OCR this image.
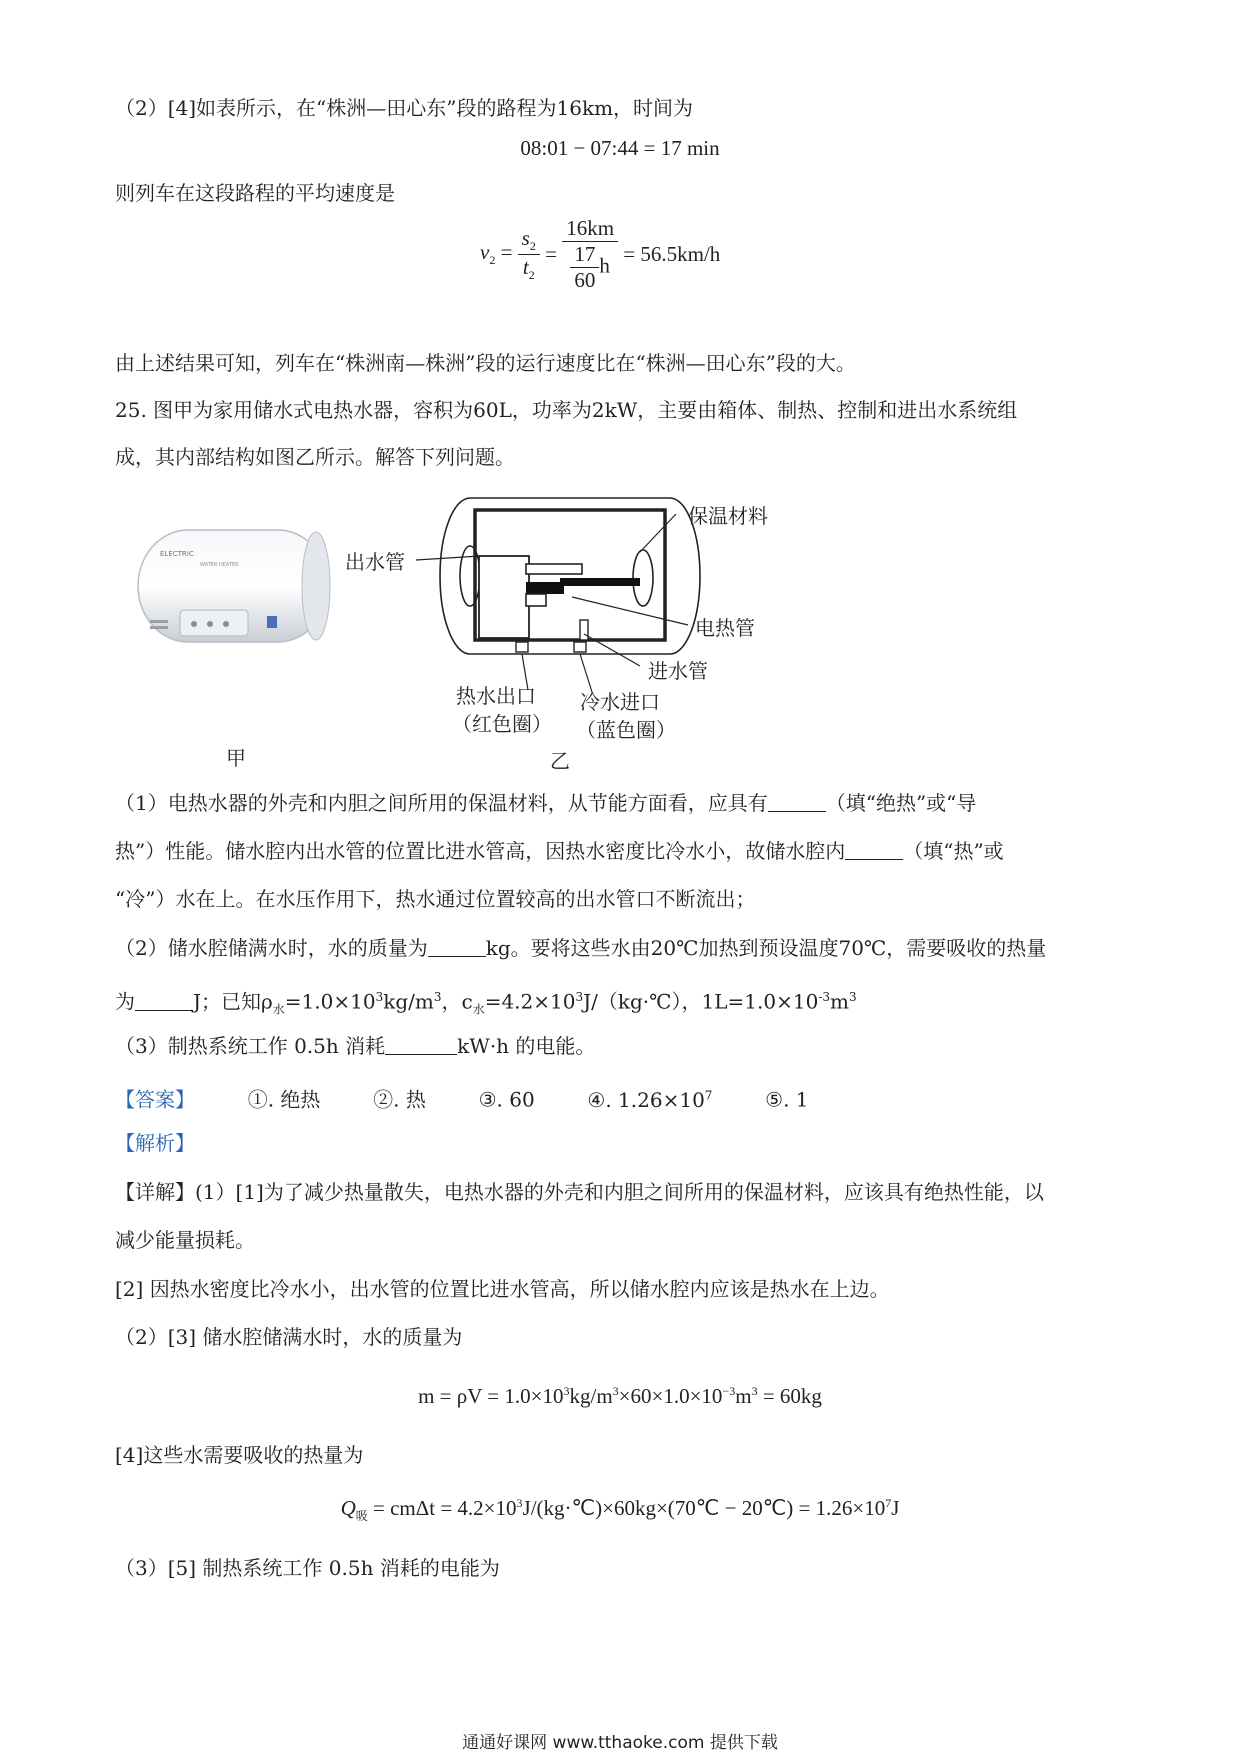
（2）[4]如表所示，在“株洲—田心东”段的路程为16km，时间为
08:01 − 07:44 = 17 min
则列车在这段路程的平均速度是
$v_2 = \frac{s_2}{t_2} = \frac{16km}{\frac{17}{60} h} = 56.5km/h$
由上述结果可知，列车在“株洲南—株洲”段的运行速度比在“株洲—田心东”段的大。
25. 图甲为家用储水式电热水器，容积为60L，功率为2kW，主要由箱体、制热、控制和进出水系统组
成，其内部结构如图乙所示。解答下列问题。
ELECTRIC
WATER HEATER	出水管
保温材料
电热管
进水管
热水出口
（红色圈）
冷水进口
（蓝色圈）
甲	乙
（1）电热水器的外壳和内胆之间所用的保温材料，从节能方面看，应具有	（填“绝热”或“导
热”）性能。储水腔内出水管的位置比进水管高，因热水密度比冷水小，故储水腔内	（填“热”或
“冷”）水在上。在水压作用下，热水通过位置较高的出水管口不断流出；
（2）储水腔储满水时，水的质量为	kg。要将这些水由20℃加热到预设温度70℃，需要吸收的热量
为	J；已知$\rho_水=1.0\times 10^3kg/m^3$，$c_水=4.2\times 10^3J/(kg\cdot℃)$，$1L=1.0\times 10^{-3}m^3$
（3）制热系统工作 0.5h 消耗	kW·h 的电能。
【答案】	①. 绝热	②. 热	③. 60	④. $1.26\times 10^7$	⑤. 1
【解析】
【详解】(1）[1]为了减少热量散失，电热水器的外壳和内胆之间所用的保温材料，应该具有绝热性能，以
减少能量损耗。
[2] 因热水密度比冷水小，出水管的位置比进水管高，所以储水腔内应该是热水在上边。
（2）[3] 储水腔储满水时，水的质量为
$m = \rho V = 1.0\times 10^3kg/m^3\times 60\times 1.0\times 10^{-3}m^3 = 60kg$
[4]这些水需要吸收的热量为
$Q_吸 = cm\Delta t$ = $4.2\times 10^3J/(kg\cdot℃)\times 60kg\times(70℃$ − 20℃) = $1.26\times 10^7J$
（3）[5] 制热系统工作 0.5h 消耗的电能为
通通好课网 www.tthaoke.com 提供下载
